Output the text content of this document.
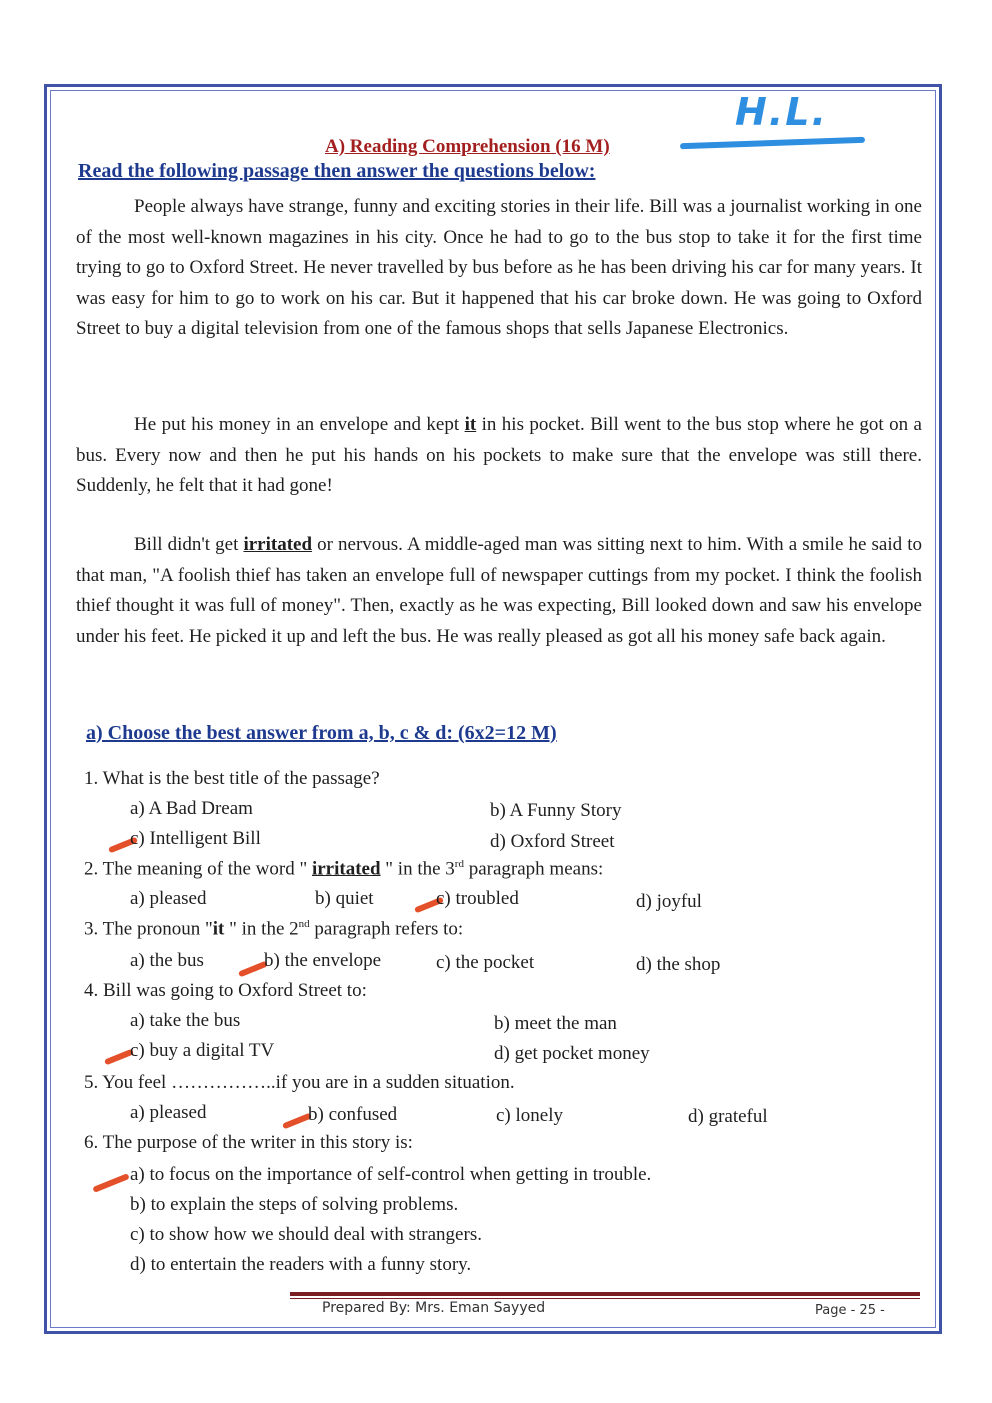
H.L.
A) Reading Comprehension (16 M)
Read the following passage then answer the questions below:

People always have strange, funny and exciting stories in their life. Bill was a journalist working in one of the most well-known magazines in his city. Once he had to go to the bus stop to take it for the first time trying to go to Oxford Street. He never travelled by bus before as he has been driving his car for many years. It was easy for him to go to work on his car. But it happened that his car broke down. He was going to Oxford Street to buy a digital television from one of the famous shops that sells Japanese Electronics.

He put his money in an envelope and kept it in his pocket. Bill went to the bus stop where he got on a bus. Every now and then he put his hands on his pockets to make sure that the envelope was still there. Suddenly, he felt that it had gone!

Bill didn't get irritated or nervous. A middle-aged man was sitting next to him. With a smile he said to that man, "A foolish thief has taken an envelope full of newspaper cuttings from my pocket. I think the foolish thief thought it was full of money". Then, exactly as he was expecting, Bill looked down and saw his envelope under his feet. He picked it up and left the bus. He was really pleased as got all his money safe back again.

a) Choose the best answer from a, b, c & d: (6x2=12 M)
1. What is the best title of the passage?
a) A Bad Dream	b) A Funny Story
c) Intelligent Bill	d) Oxford Street
2. The meaning of the word " irritated " in the 3rd paragraph means:
a) pleased	b) quiet	c) troubled	d) joyful
3. The pronoun "it " in the 2nd paragraph refers to:
a) the bus	b) the envelope	c) the pocket	d) the shop
4. Bill was going to Oxford Street to:
a) take the bus	b) meet the man
c) buy a digital TV	d) get pocket money
5. You feel ……………..if you are in a sudden situation.
a) pleased	b) confused	c) lonely	d) grateful
6. The purpose of the writer in this story is:
a) to focus on the importance of self-control when getting in trouble.
b) to explain the steps of solving problems.
c) to show how we should deal with strangers.
d) to entertain the readers with a funny story.
Prepared By: Mrs. Eman Sayyed	Page - 25 -
